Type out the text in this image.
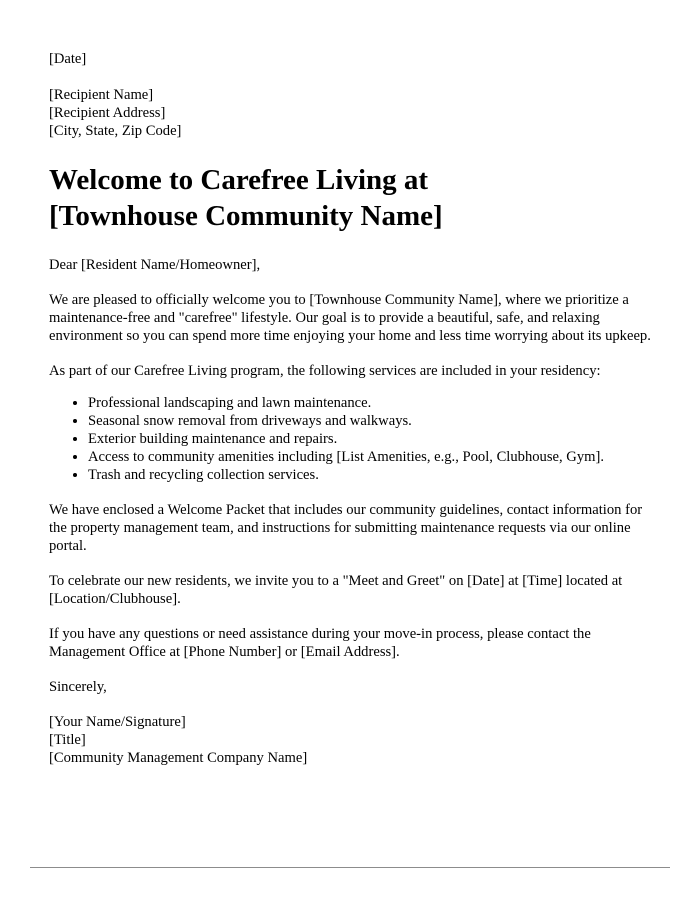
[Date]
[Recipient Name]
[Recipient Address]
[City, State, Zip Code]
Welcome to Carefree Living at [Townhouse Community Name]

Dear [Resident Name/Homeowner],

We are pleased to officially welcome you to [Townhouse Community Name], where we prioritize a maintenance-free and "carefree" lifestyle. Our goal is to provide a beautiful, safe, and relaxing environment so you can spend more time enjoying your home and less time worrying about its upkeep.

As part of our Carefree Living program, the following services are included in your residency:

• Professional landscaping and lawn maintenance.
• Seasonal snow removal from driveways and walkways.
• Exterior building maintenance and repairs.
• Access to community amenities including [List Amenities, e.g., Pool, Clubhouse, Gym].
• Trash and recycling collection services.

We have enclosed a Welcome Packet that includes our community guidelines, contact information for the property management team, and instructions for submitting maintenance requests via our online portal.

To celebrate our new residents, we invite you to a "Meet and Greet" on [Date] at [Time] located at [Location/Clubhouse].

If you have any questions or need assistance during your move-in process, please contact the Management Office at [Phone Number] or [Email Address].

Sincerely,

[Your Name/Signature]
[Title]
[Community Management Company Name]
